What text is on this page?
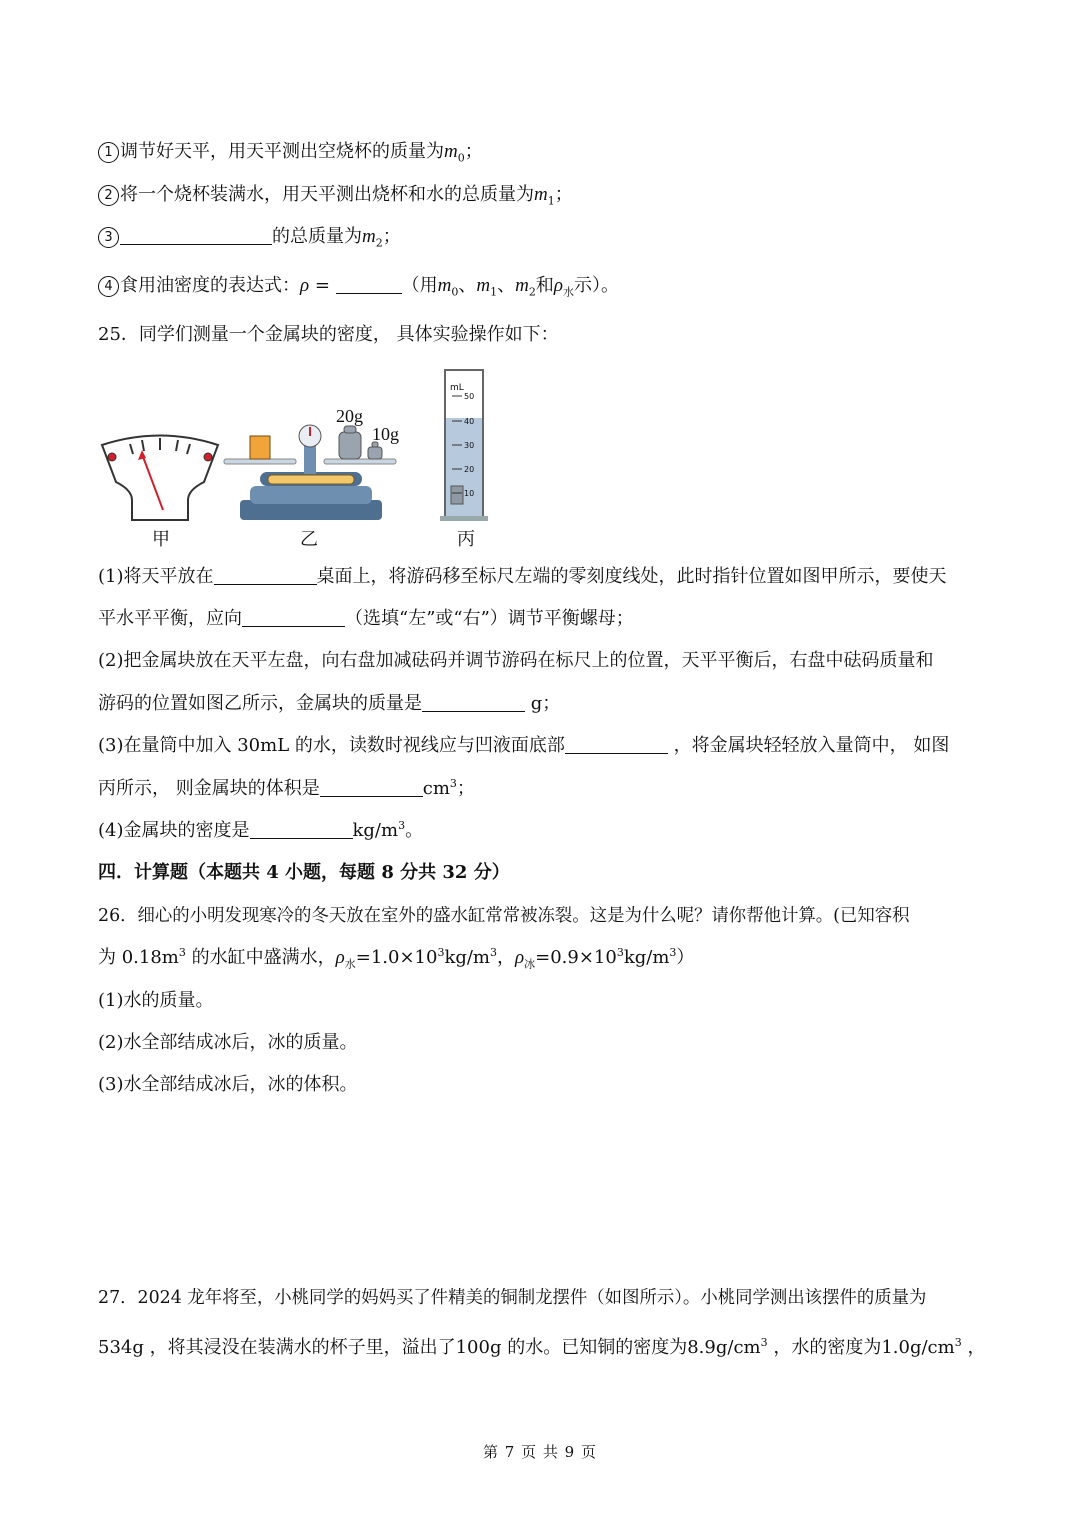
1 调节好天平，用天平测出空烧杯的质量为$m_0$；
2 将一个烧杯装满水，用天平测出烧杯和水的总质量为$m_1$；
3	的总质量为$m_2$；
4 食用油密度的表达式：ρ =	（用$m_0$、$m_1$、$m_2$和$\rho_水$示）。
25．同学们测量一个金属块的密度， 具体实验操作如下：
甲
20g
10g
乙
mL
50
40
30
20
10
丙
(1)将天平放在	桌面上，将游码移至标尺左端的零刻度线处，此时指针位置如图甲所示，要使天
平水平平衡，应向	（选填“左”或“右”）调节平衡螺母；
(2)把金属块放在天平左盘，向右盘加减砝码并调节游码在标尺上的位置，天平平衡后，右盘中砝码质量和
游码的位置如图乙所示，金属块的质量是	g；
(3)在量筒中加入 30mL 的水，读数时视线应与凹液面底部	，将金属块轻轻放入量筒中， 如图
丙所示， 则金属块的体积是	$cm^3$；
(4)金属块的密度是	$kg/m^3$。
四．计算题（本题共 4 小题，每题 8 分共 32 分）
26．细心的小明发现寒冷的冬天放在室外的盛水缸常常被冻裂。这是为什么呢？请你帮他计算。(已知容积
为 $0.18m^3$ 的水缸中盛满水，$\rho_水=1.0\times 10^3kg/m^3$，$\rho_冰=0.9\times 10^3kg/m^3$）
(1)水的质量。
(2)水全部结成冰后，冰的质量。
(3)水全部结成冰后，冰的体积。
27．2024 龙年将至，小桃同学的妈妈买了件精美的铜制龙摆件（如图所示）。小桃同学测出该摆件的质量为
534g ，将其浸没在装满水的杯子里，溢出了100g 的水。已知铜的密度为$8.9g/cm^3$ ，水的密度为$1.0g/cm^3$ ，
第 7 页 共 9 页
